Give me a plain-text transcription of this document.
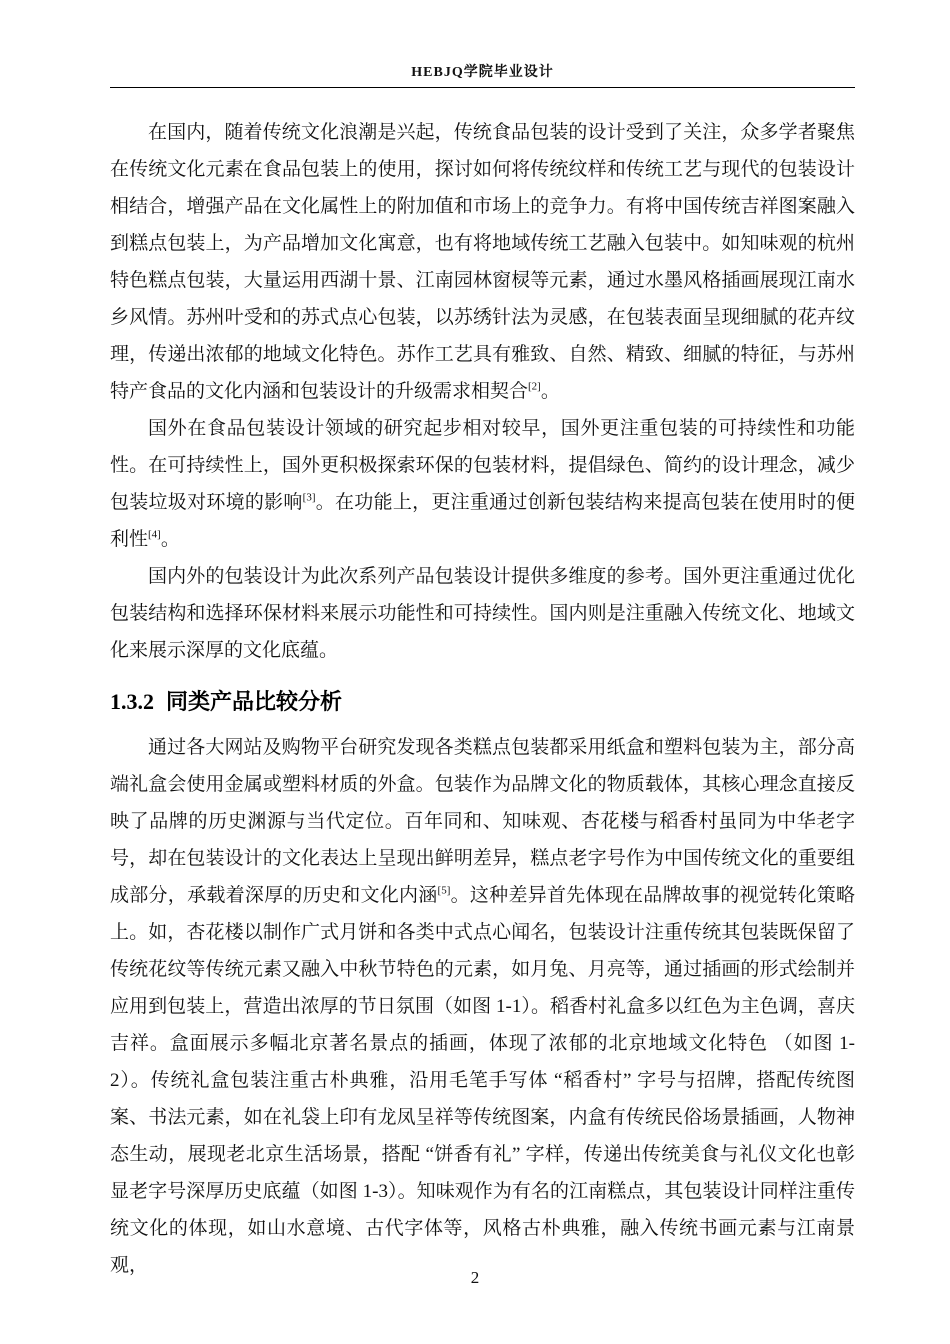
HEBJQ学院毕业设计

在国内，随着传统文化浪潮是兴起，传统食品包装的设计受到了关注，众多学者聚焦在传统文化元素在食品包装上的使用，探讨如何将传统纹样和传统工艺与现代的包装设计相结合，增强产品在文化属性上的附加值和市场上的竞争力。有将中国传统吉祥图案融入到糕点包装上，为产品增加文化寓意，也有将地域传统工艺融入包装中。如知味观的杭州特色糕点包装，大量运用西湖十景、江南园林窗棂等元素，通过水墨风格插画展现江南水乡风情。苏州叶受和的苏式点心包装，以苏绣针法为灵感，在包装表面呈现细腻的花卉纹理，传递出浓郁的地域文化特色。苏作工艺具有雅致、自然、精致、细腻的特征，与苏州特产食品的文化内涵和包装设计的升级需求相契合[2]。

国外在食品包装设计领域的研究起步相对较早，国外更注重包装的可持续性和功能性。在可持续性上，国外更积极探索环保的包装材料，提倡绿色、简约的设计理念，减少包装垃圾对环境的影响[3]。在功能上，更注重通过创新包装结构来提高包装在使用时的便利性[4]。

国内外的包装设计为此次系列产品包装设计提供多维度的参考。国外更注重通过优化包装结构和选择环保材料来展示功能性和可持续性。国内则是注重融入传统文化、地域文化来展示深厚的文化底蕴。

1.3.2 同类产品比较分析

通过各大网站及购物平台研究发现各类糕点包装都采用纸盒和塑料包装为主，部分高端礼盒会使用金属或塑料材质的外盒。包装作为品牌文化的物质载体，其核心理念直接反映了品牌的历史渊源与当代定位。百年同和、知味观、杏花楼与稻香村虽同为中华老字号，却在包装设计的文化表达上呈现出鲜明差异，糕点老字号作为中国传统文化的重要组成部分，承载着深厚的历史和文化内涵[5]。这种差异首先体现在品牌故事的视觉转化策略上。如，杏花楼以制作广式月饼和各类中式点心闻名，包装设计注重传统其包装既保留了传统花纹等传统元素又融入中秋节特色的元素，如月兔、月亮等，通过插画的形式绘制并应用到包装上，营造出浓厚的节日氛围（如图 1-1）。稻香村礼盒多以红色为主色调，喜庆吉祥。盒面展示多幅北京著名景点的插画，体现了浓郁的北京地域文化特色 （如图 1-2）。传统礼盒包装注重古朴典雅，沿用毛笔手写体 “稻香村” 字号与招牌，搭配传统图案、书法元素，如在礼袋上印有龙凤呈祥等传统图案，内盒有传统民俗场景插画，人物神态生动，展现老北京生活场景，搭配 “饼香有礼” 字样，传递出传统美食与礼仪文化也彰显老字号深厚历史底蕴（如图 1-3）。知味观作为有名的江南糕点，其包装设计同样注重传统文化的体现，如山水意境、古代字体等，风格古朴典雅，融入传统书画元素与江南景观，

2
